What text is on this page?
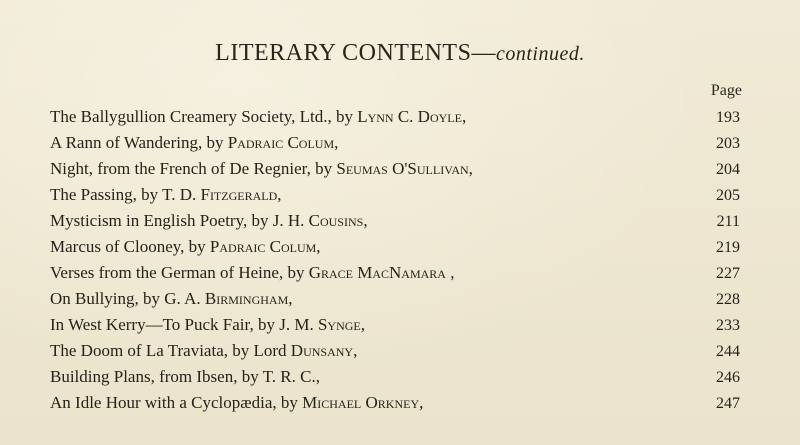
LITERARY CONTENTS—continued.
Page
The Ballygullion Creamery Society, Ltd., by Lynn C. Doyle,	193
A Rann of Wandering, by Padraic Colum,	203
Night, from the French of De Regnier, by Seumas O'Sullivan,	204
The Passing, by T. D. Fitzgerald,	205
Mysticism in English Poetry, by J. H. Cousins,	211
Marcus of Clooney, by Padraic Colum,	219
Verses from the German of Heine, by Grace MacNamara ,	227
On Bullying, by G. A. Birmingham,	228
In West Kerry—To Puck Fair, by J. M. Synge,	233
The Doom of La Traviata, by Lord Dunsany,	244
Building Plans, from Ibsen, by T. R. C.,	246
An Idle Hour with a Cyclopædia, by Michael Orkney,	247
